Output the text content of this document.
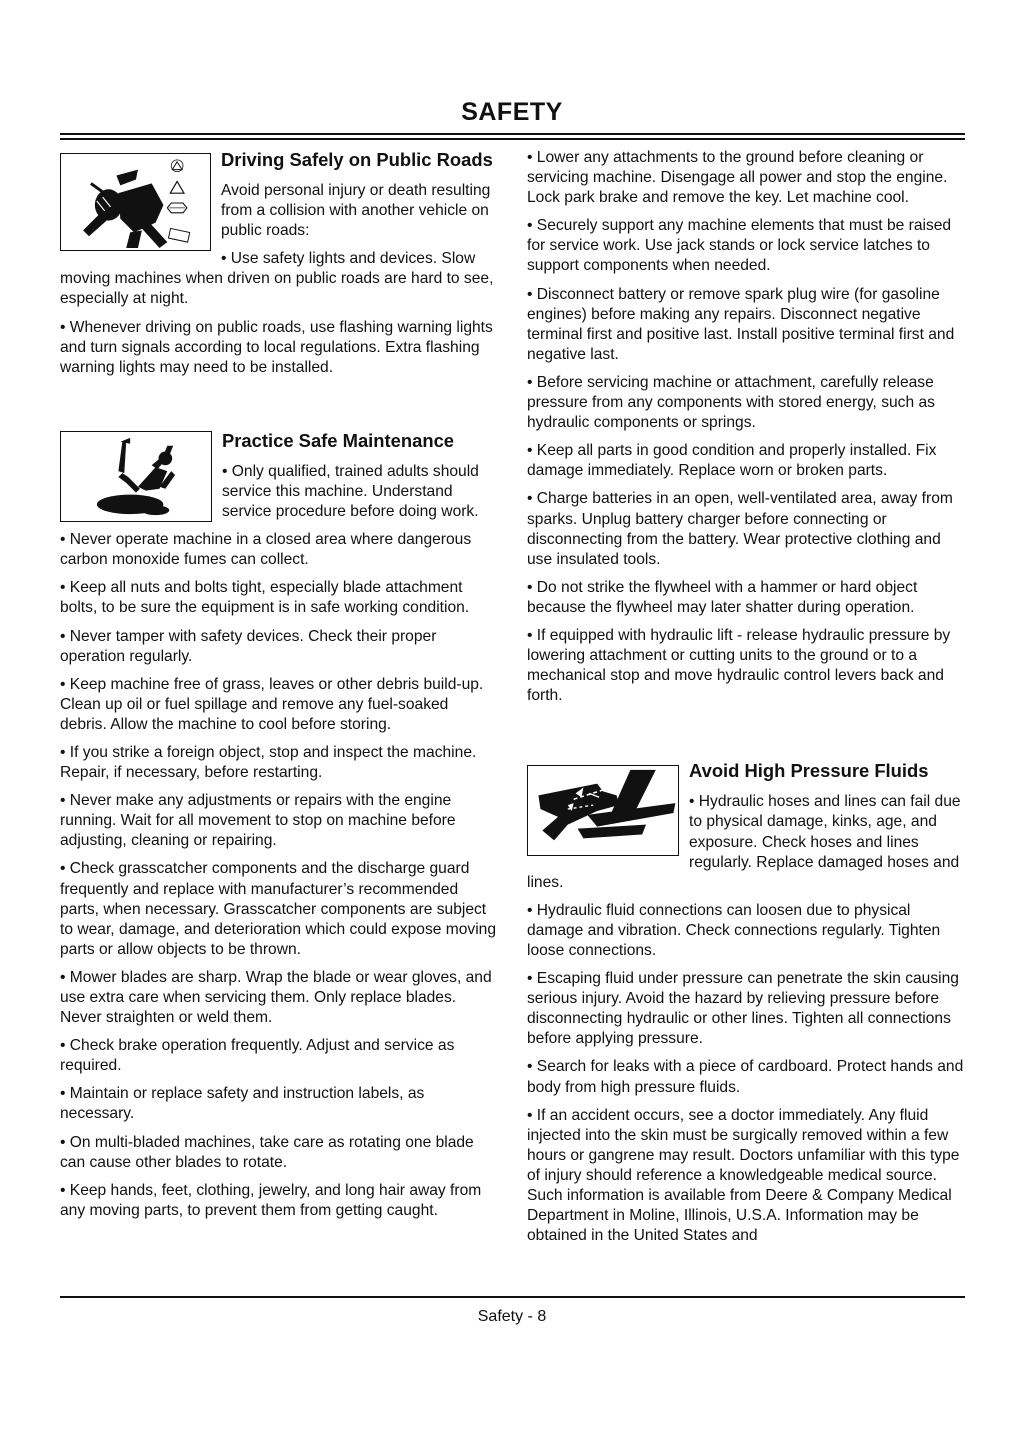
SAFETY
Driving Safely on Public Roads

Avoid personal injury or death resulting from a collision with another vehicle on public roads:

• Use safety lights and devices. Slow moving machines when driven on public roads are hard to see, especially at night.

• Whenever driving on public roads, use flashing warning lights and turn signals according to local regulations. Extra flashing warning lights may need to be installed.

Practice Safe Maintenance

• Only qualified, trained adults should service this machine. Understand service procedure before doing work.

• Never operate machine in a closed area where dangerous carbon monoxide fumes can collect.

• Keep all nuts and bolts tight, especially blade attachment bolts, to be sure the equipment is in safe working condition.

• Never tamper with safety devices. Check their proper operation regularly.

• Keep machine free of grass, leaves or other debris build-up. Clean up oil or fuel spillage and remove any fuel-soaked debris. Allow the machine to cool before storing.

• If you strike a foreign object, stop and inspect the machine. Repair, if necessary, before restarting.

• Never make any adjustments or repairs with the engine running. Wait for all movement to stop on machine before adjusting, cleaning or repairing.

• Check grasscatcher components and the discharge guard frequently and replace with manufacturer’s recommended parts, when necessary. Grasscatcher components are subject to wear, damage, and deterioration which could expose moving parts or allow objects to be thrown.

• Mower blades are sharp. Wrap the blade or wear gloves, and use extra care when servicing them. Only replace blades. Never straighten or weld them.

• Check brake operation frequently. Adjust and service as required.

• Maintain or replace safety and instruction labels, as necessary.

• On multi-bladed machines, take care as rotating one blade can cause other blades to rotate.

• Keep hands, feet, clothing, jewelry, and long hair away from any moving parts, to prevent them from getting caught.

• Lower any attachments to the ground before cleaning or servicing machine. Disengage all power and stop the engine. Lock park brake and remove the key. Let machine cool.

• Securely support any machine elements that must be raised for service work. Use jack stands or lock service latches to support components when needed.

• Disconnect battery or remove spark plug wire (for gasoline engines) before making any repairs. Disconnect negative terminal first and positive last. Install positive terminal first and negative last.

• Before servicing machine or attachment, carefully release pressure from any components with stored energy, such as hydraulic components or springs.

• Keep all parts in good condition and properly installed. Fix damage immediately. Replace worn or broken parts.

• Charge batteries in an open, well-ventilated area, away from sparks. Unplug battery charger before connecting or disconnecting from the battery. Wear protective clothing and use insulated tools.

• Do not strike the flywheel with a hammer or hard object because the flywheel may later shatter during operation.

• If equipped with hydraulic lift - release hydraulic pressure by lowering attachment or cutting units to the ground or to a mechanical stop and move hydraulic control levers back and forth.

Avoid High Pressure Fluids

• Hydraulic hoses and lines can fail due to physical damage, kinks, age, and exposure. Check hoses and lines regularly. Replace damaged hoses and lines.

• Hydraulic fluid connections can loosen due to physical damage and vibration. Check connections regularly. Tighten loose connections.

• Escaping fluid under pressure can penetrate the skin causing serious injury. Avoid the hazard by relieving pressure before disconnecting hydraulic or other lines. Tighten all connections before applying pressure.

• Search for leaks with a piece of cardboard. Protect hands and body from high pressure fluids.

• If an accident occurs, see a doctor immediately. Any fluid injected into the skin must be surgically removed within a few hours or gangrene may result. Doctors unfamiliar with this type of injury should reference a knowledgeable medical source. Such information is available from Deere & Company Medical Department in Moline, Illinois, U.S.A. Information may be obtained in the United States and

Safety - 8
